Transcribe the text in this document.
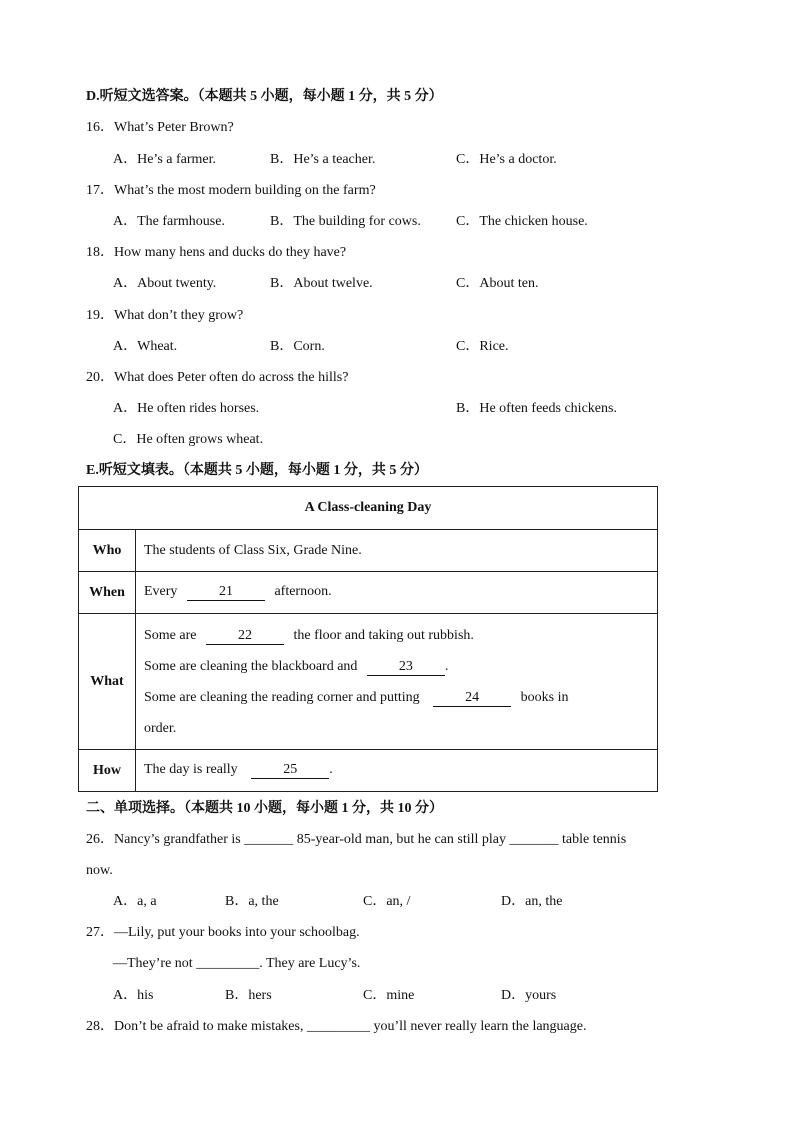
D.听短文选答案。（本题共 5 小题，每小题 1 分，共 5 分）
16．What’s Peter Brown?
A．He’s a farmer.	B．He’s a teacher.	C．He’s a doctor.
17．What’s the most modern building on the farm?
A．The farmhouse.	B．The building for cows.	C．The chicken house.
18．How many hens and ducks do they have?
A．About twenty.	B．About twelve.	C．About ten.
19．What don’t they grow?
A．Wheat.	B．Corn.	C．Rice.
20．What does Peter often do across the hills?
A．He often rides horses.	B．He often feeds chickens.
C．He often grows wheat.
E.听短文填表。（本题共 5 小题，每小题 1 分，共 5 分）
A Class-cleaning Day	
Who	The students of Class Six, Grade Nine.
When	Every 21 afternoon.
What	Some are 22 the floor and taking out rubbish.
Some are cleaning the blackboard and 23 .
Some are cleaning the reading corner and putting 24 books in
order.

How	The day is really 25 .
二、单项选择。（本题共 10 小题，每小题 1 分，共 10 分）
26．Nancy’s grandfather is _______ 85-year-old man, but he can still play _______ table tennis
now.
A．a, a	B．a, the	C．an, /	D．an, the
27．—Lily, put your books into your schoolbag.
—They’re not _________. They are Lucy’s.
A．his	B．hers	C．mine	D．yours
28．Don’t be afraid to make mistakes, _________ you’ll never really learn the language.
